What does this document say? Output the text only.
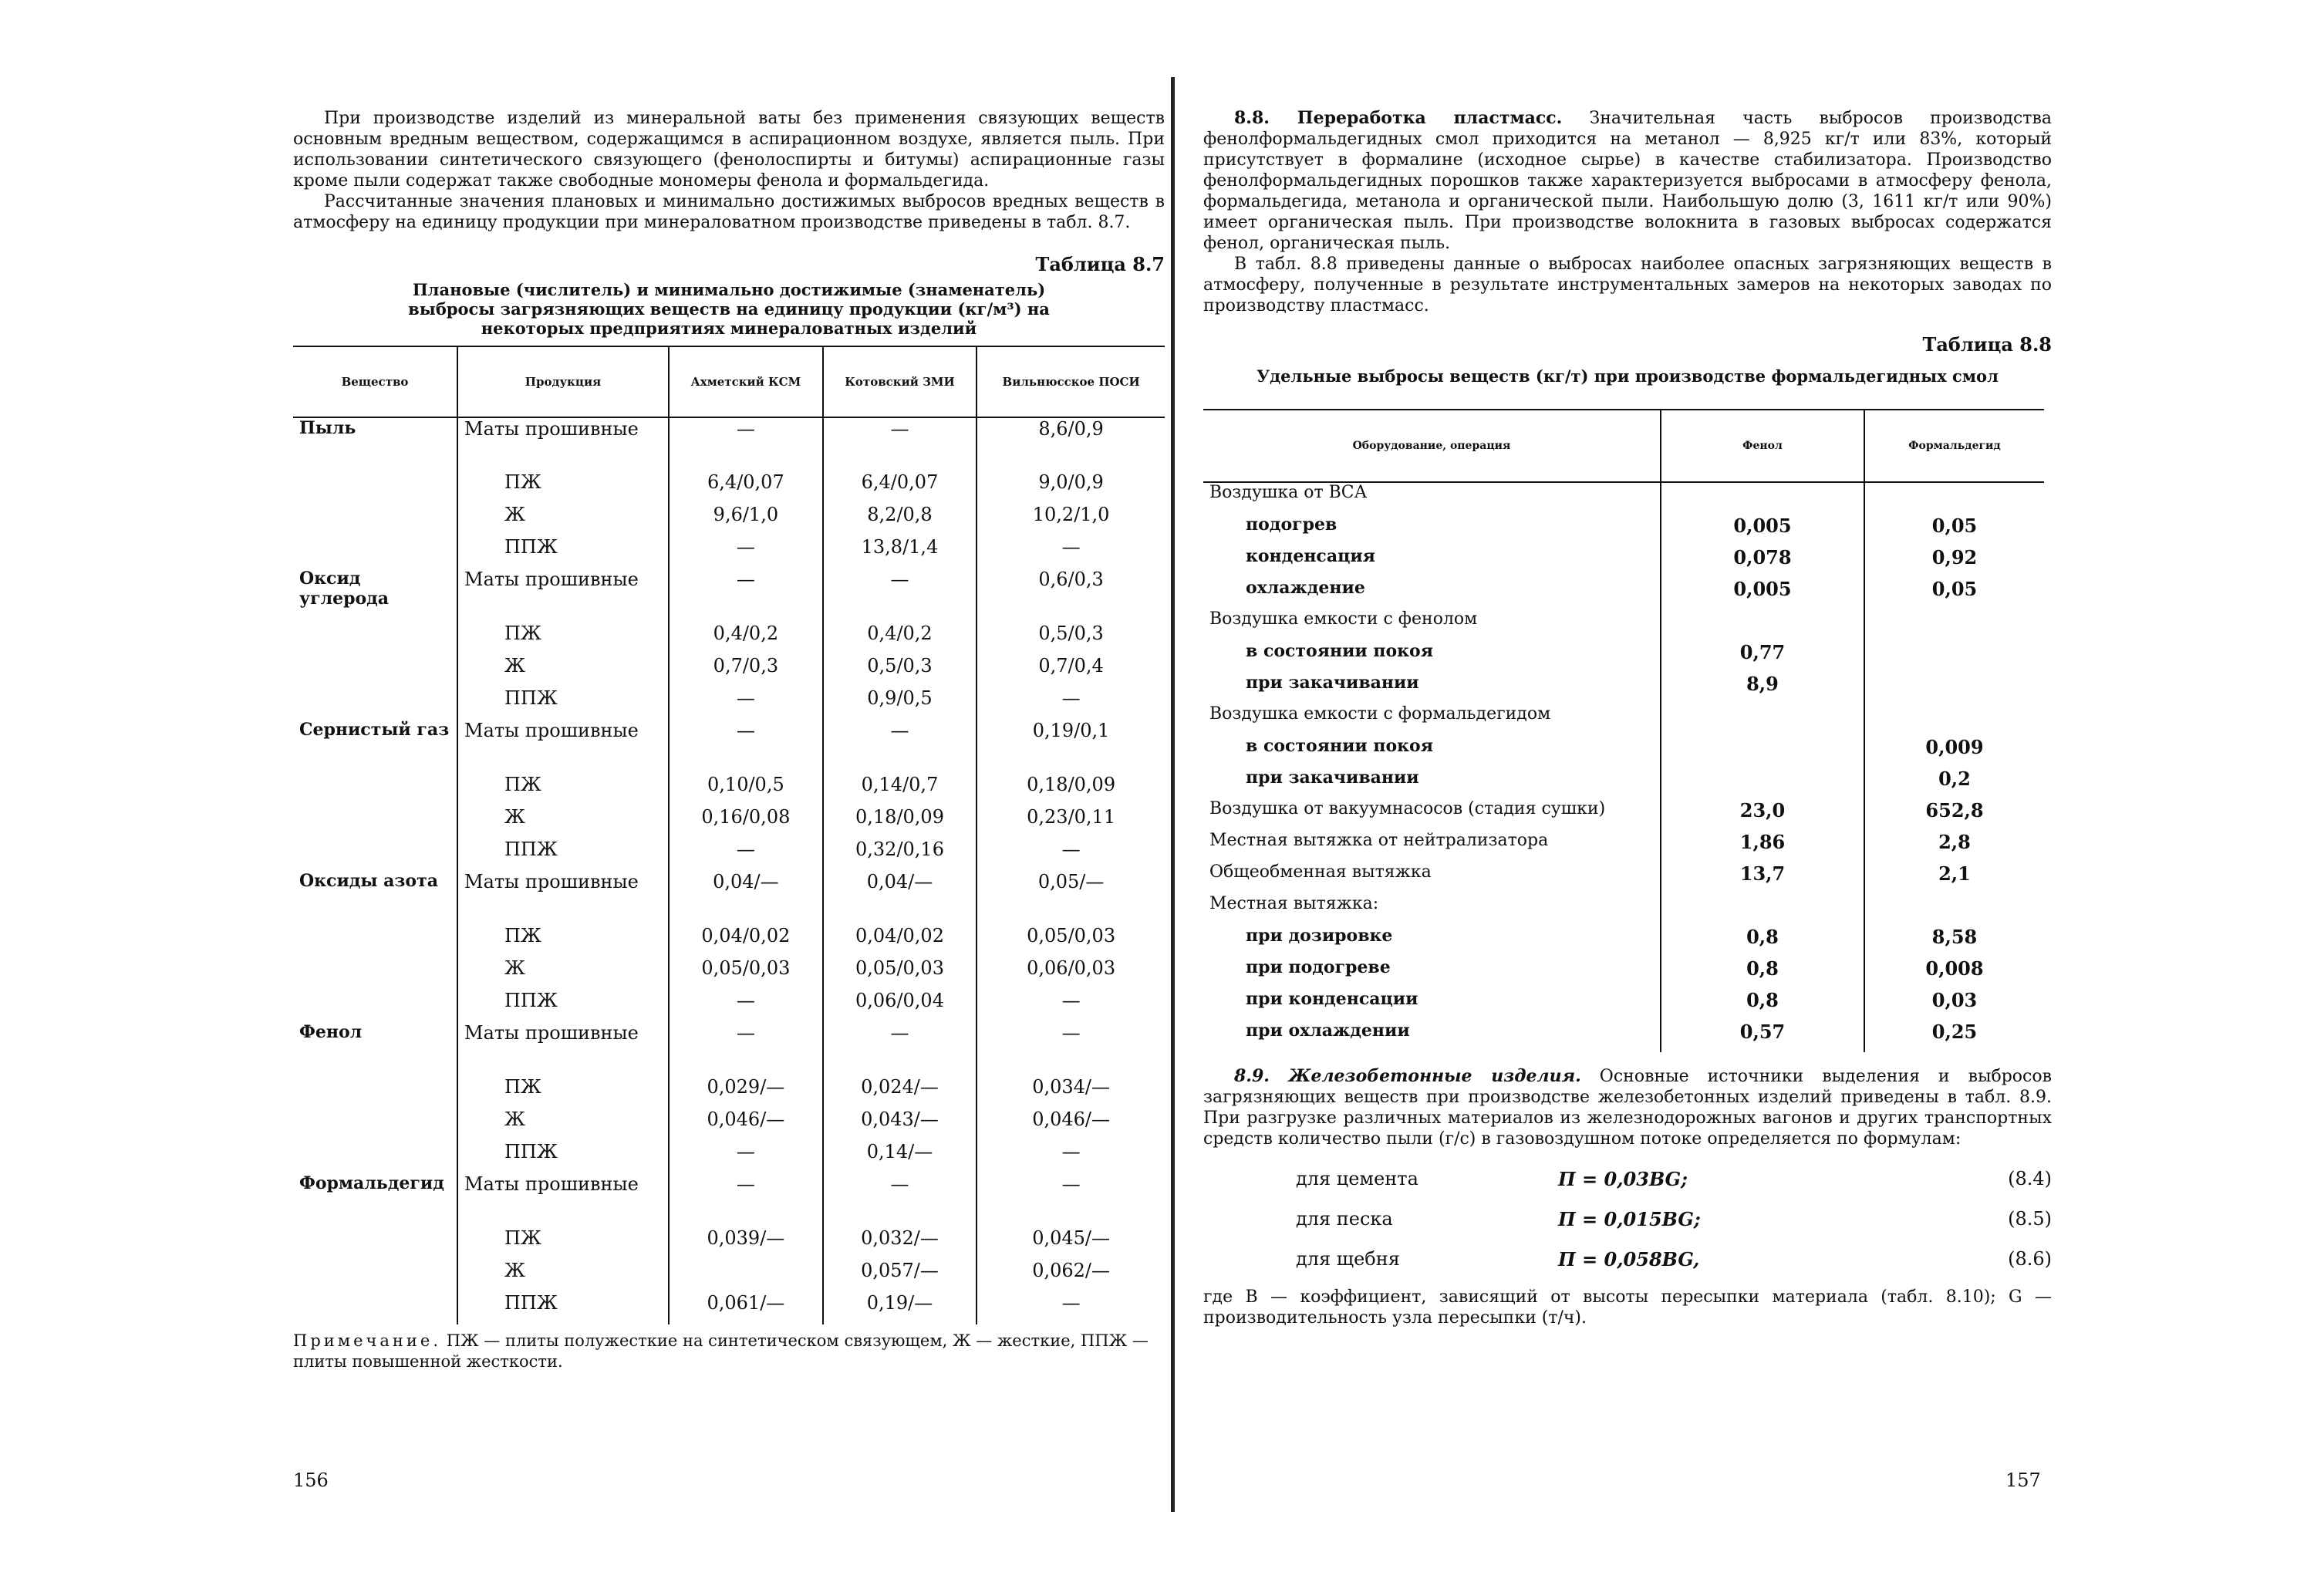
При производстве изделий из минеральной ваты без применения связующих веществ основным вредным веществом, содержащимся в аспирационном воздухе, является пыль. При использовании синтетического связующего (фенолоспирты и битумы) аспирационные газы кроме пыли содержат также свободные мономеры фенола и формальдегида.

Рассчитанные значения плановых и минимально достижимых выбросов вредных веществ в атмосферу на единицу продукции при минераловатном производстве приведены в табл. 8.7.

Таблица 8.7

Плановые (числитель) и минимально достижимые (знаменатель) выбросы загрязняющих веществ на единицу продукции (кг/м³) на некоторых предприятиях минераловатных изделий

Вещество	Продукция	Ахметский КСМ	Котовский ЗМИ	Вильнюсское ПОСИ
Пыль	Маты прошивные	—	—	8,6/0,9
	ПЖ	6,4/0,07	6,4/0,07	9,0/0,9
	Ж	9,6/1,0	8,2/0,8	10,2/1,0
	ППЖ	—	13,8/1,4	—
Оксид углерода	Маты прошивные	—	—	0,6/0,3
	ПЖ	0,4/0,2	0,4/0,2	0,5/0,3
	Ж	0,7/0,3	0,5/0,3	0,7/0,4
	ППЖ	—	0,9/0,5	—
Сернистый газ	Маты прошивные	—	—	0,19/0,1
	ПЖ	0,10/0,5	0,14/0,7	0,18/0,09
	Ж	0,16/0,08	0,18/0,09	0,23/0,11
	ППЖ	—	0,32/0,16	—
Оксиды азота	Маты прошивные	0,04/—	0,04/—	0,05/—
	ПЖ	0,04/0,02	0,04/0,02	0,05/0,03
	Ж	0,05/0,03	0,05/0,03	0,06/0,03
	ППЖ	—	0,06/0,04	—
Фенол	Маты прошивные	—	—	—
	ПЖ	0,029/—	0,024/—	0,034/—
	Ж	0,046/—	0,043/—	0,046/—
	ППЖ	—	0,14/—	—
Формальдегид	Маты прошивные	—	—	—
	ПЖ	0,039/—	0,032/—	0,045/—
	Ж		0,057/—	0,062/—
	ППЖ	0,061/—	0,19/—	—

Примечание. ПЖ — плиты полужесткие на синтетическом связующем, Ж — жесткие, ППЖ — плиты повышенной жесткости.

156

8.8. Переработка пластмасс. Значительная часть выбросов производства фенолформальдегидных смол приходится на метанол — 8,925 кг/т или 83%, который присутствует в формалине (исходное сырье) в качестве стабилизатора. Производство фенолформальдегидных порошков также характеризуется выбросами в атмосферу фенола, формальдегида, метанола и органической пыли. Наибольшую долю (3, 1611 кг/т или 90%) имеет органическая пыль. При производстве волокнита в газовых выбросах содержатся фенол, органическая пыль.

В табл. 8.8 приведены данные о выбросах наиболее опасных загрязняющих веществ в атмосферу, полученные в результате инструментальных замеров на некоторых заводах по производству пластмасс.

Таблица 8.8

Удельные выбросы веществ (кг/т) при производстве формальдегидных смол

Оборудование, операция	Фенол	Формальдегид
Воздушка от ВСА		
подогрев	0,005	0,05
конденсация	0,078	0,92
охлаждение	0,005	0,05
Воздушка емкости с фенолом		
в состоянии покоя	0,77	
при закачивании	8,9	
Воздушка емкости с формальдегидом		
в состоянии покоя		0,009
при закачивании		0,2
Воздушка от вакуумнасосов (стадия сушки)	23,0	652,8
Местная вытяжка от нейтрализатора	1,86	2,8
Общеобменная вытяжка	13,7	2,1
Местная вытяжка:		
при дозировке	0,8	8,58
при подогреве	0,8	0,008
при конденсации	0,8	0,03
при охлаждении	0,57	0,25

8.9. Железобетонные изделия. Основные источники выделения и выбросов загрязняющих веществ при производстве железобетонных изделий приведены в табл. 8.9. При разгрузке различных материалов из железнодорожных вагонов и других транспортных средств количество пыли (г/с) в газовоздушном потоке определяется по формулам:

для цемента	П = 0,03BG;	(8.4)
для песка	П = 0,015BG;	(8.5)
для щебня	П = 0,058BG,	(8.6)

где B — коэффициент, зависящий от высоты пересыпки материала (табл. 8.10); G — производительность узла пересыпки (т/ч).

157
